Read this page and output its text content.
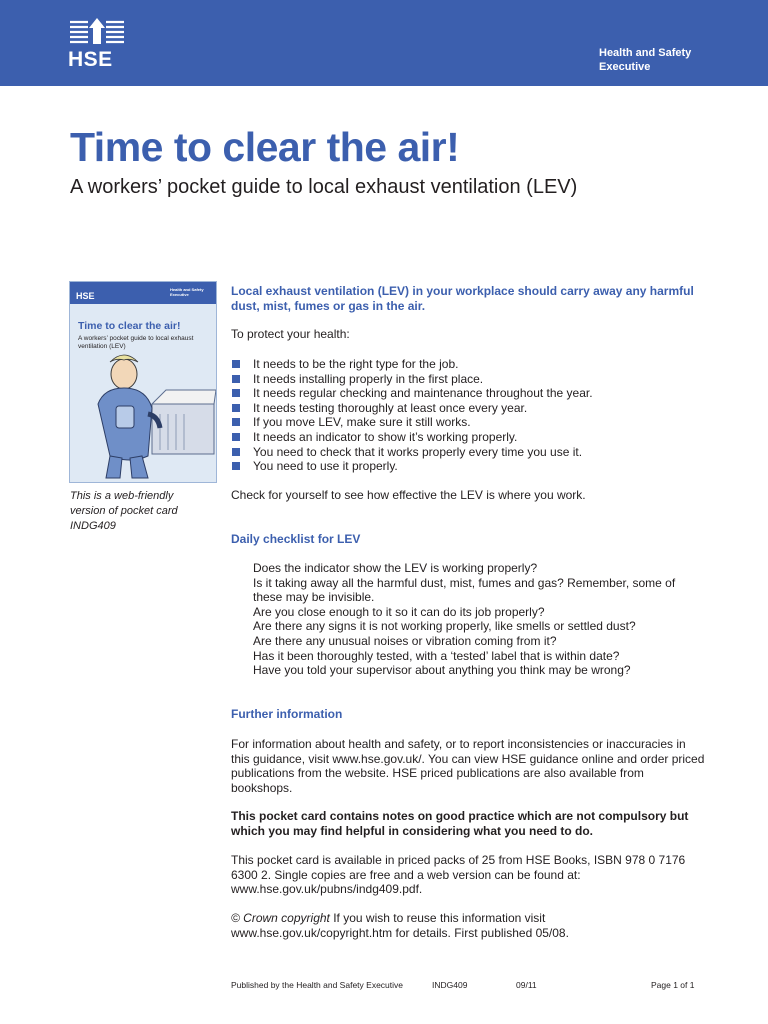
HSE	Health and Safety
Executive
Time to clear the air!
A workers’ pocket guide to local exhaust ventilation (LEV)
HSE
Health and Safety Executive
Time to clear the air!
A workers’ pocket guide to local exhaust ventilation (LEV)
This is a web-friendly version of pocket card INDG409
Local exhaust ventilation (LEV) in your workplace should carry away any harmful dust, mist, fumes or gas in the air.
To protect your health:
It needs to be the right type for the job.
It needs installing properly in the first place.
It needs regular checking and maintenance throughout the year.
It needs testing thoroughly at least once every year.
If you move LEV, make sure it still works.
It needs an indicator to show it’s working properly.
You need to check that it works properly every time you use it.
You need to use it properly.
Check for yourself to see how effective the LEV is where you work.
Daily checklist for LEV
Does the indicator show the LEV is working properly?
Is it taking away all the harmful dust, mist, fumes and gas? Remember, some of these may be invisible.
Are you close enough to it so it can do its job properly?
Are there any signs it is not working properly, like smells or settled dust?
Are there any unusual noises or vibration coming from it?
Has it been thoroughly tested, with a ‘tested’ label that is within date?
Have you told your supervisor about anything you think may be wrong?
Further information
For information about health and safety, or to report inconsistencies or inaccuracies in this guidance, visit www.hse.gov.uk/. You can view HSE guidance online and order priced publications from the website. HSE priced publications are also available from bookshops.
This pocket card contains notes on good practice which are not compulsory but which you may find helpful in considering what you need to do.
This pocket card is available in priced packs of 25 from HSE Books, ISBN 978 0 7176 6300 2. Single copies are free and a web version can be found at: www.hse.gov.uk/pubns/indg409.pdf.
© Crown copyright If you wish to reuse this information visit www.hse.gov.uk/copyright.htm for details. First published 05/08.
Published by the Health and Safety Executive	INDG409	09/11	Page 1 of 1
